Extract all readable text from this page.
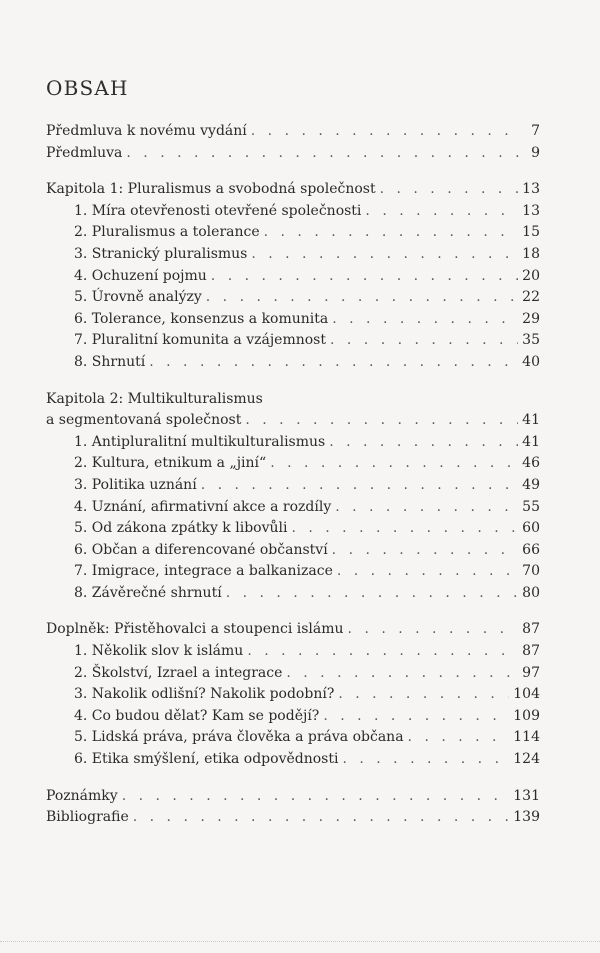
OBSAH
Předmluva k novému vydání . . .	7
Předmluva . . .	9
Kapitola 1: Pluralismus a svobodná společnost . . .	13
1. Míra otevřenosti otevřené společnosti . . .	13
2. Pluralismus a tolerance . . .	15
3. Stranický pluralismus . . .	18
4. Ochuzení pojmu . . .	20
5. Úrovně analýzy . . .	22
6. Tolerance, konsenzus a komunita . . .	29
7. Pluralitní komunita a vzájemnost . . .	35
8. Shrnutí . . .	40
Kapitola 2: Multikulturalismus
a segmentovaná společnost . . .	41
1. Antipluralitní multikulturalismus . . .	41
2. Kultura, etnikum a „jiní“ . . .	46
3. Politika uznání . . .	49
4. Uznání, afirmativní akce a rozdíly . . .	55
5. Od zákona zpátky k libovůli . . .	60
6. Občan a diferencované občanství . . .	66
7. Imigrace, integrace a balkanizace . . .	70
8. Závěrečné shrnutí . . .	80
Doplněk: Přistěhovalci a stoupenci islámu . . .	87
1. Několik slov k islámu . . .	87
2. Školství, Izrael a integrace . . .	97
3. Nakolik odlišní? Nakolik podobní? . . .	104
4. Co budou dělat? Kam se podějí? . . .	109
5. Lidská práva, práva člověka a práva občana . . .	114
6. Etika smýšlení, etika odpovědnosti . . .	124
Poznámky . . .	131
Bibliografie . . .	139
